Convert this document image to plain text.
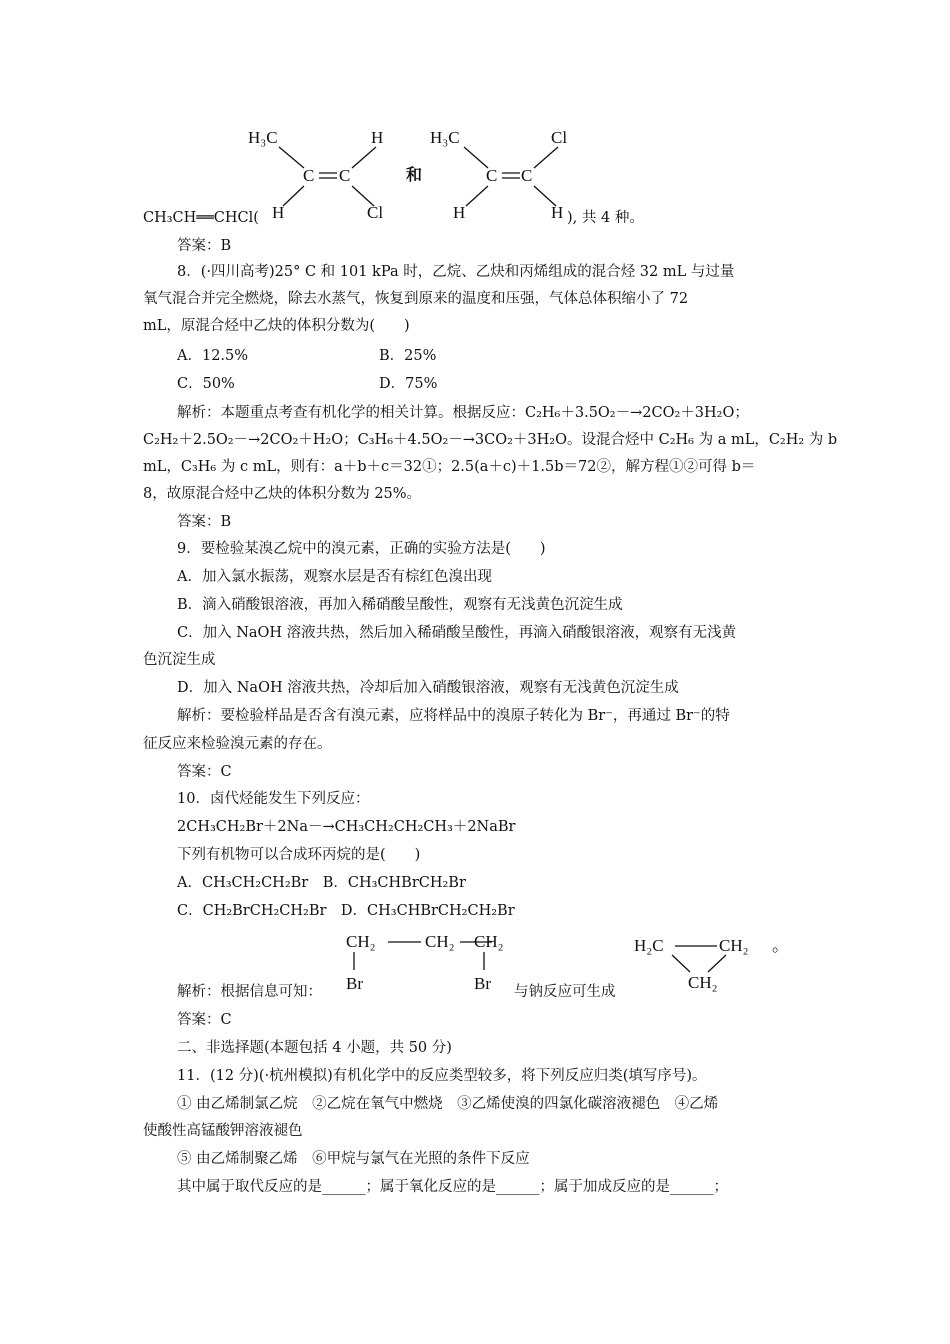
H₃C	H
C C
H	Cl
和
H₃C	Cl
C C
H	H
CH₃CH══CHCl(	), 共 4 种。
答案：B
8．(·四川高考)25° C 和 101 kPa 时，乙烷、乙炔和丙烯组成的混合烃 32 mL 与过量
氧气混合并完全燃烧，除去水蒸气，恢复到原来的温度和压强，气体总体积缩小了 72
mL，原混合烃中乙炔的体积分数为(　　)
A．12.5%	B．25%
C．50%	D．75%
解析：本题重点考查有机化学的相关计算。根据反应：C₂H₆＋3.5O₂－→2CO₂＋3H₂O；
C₂H₂＋2.5O₂－→2CO₂＋H₂O；C₃H₆＋4.5O₂－→3CO₂＋3H₂O。设混合烃中 C₂H₆ 为 a mL，C₂H₂ 为 b
mL，C₃H₆ 为 c mL，则有：a＋b＋c＝32①；2.5(a＋c)＋1.5b＝72②，解方程①②可得 b＝
8，故原混合烃中乙炔的体积分数为 25%。
答案：B
9．要检验某溴乙烷中的溴元素，正确的实验方法是(　　)
A．加入氯水振荡，观察水层是否有棕红色溴出现
B．滴入硝酸银溶液，再加入稀硝酸呈酸性，观察有无浅黄色沉淀生成
C．加入 NaOH 溶液共热，然后加入稀硝酸呈酸性，再滴入硝酸银溶液，观察有无浅黄
色沉淀生成
D．加入 NaOH 溶液共热，冷却后加入硝酸银溶液，观察有无浅黄色沉淀生成
解析：要检验样品是否含有溴元素，应将样品中的溴原子转化为 Br⁻，再通过 Br⁻的特
征反应来检验溴元素的存在。
答案：C
10．卤代烃能发生下列反应：
2CH₃CH₂Br＋2Na－→CH₃CH₂CH₂CH₃＋2NaBr
下列有机物可以合成环丙烷的是(　　)
A．CH₃CH₂CH₂Br　B．CH₃CHBrCH₂Br
C．CH₂BrCH₂CH₂Br　D．CH₃CHBrCH₂CH₂Br
CH₂	CH₂ CH₂
Br	Br
H₂C	CH₂
CH₂
。
解析：根据信息可知：	与钠反应可生成
答案：C
二、非选择题(本题包括 4 小题，共 50 分)
11．(12 分)(·杭州模拟)有机化学中的反应类型较多，将下列反应归类(填写序号)。
① 由乙烯制氯乙烷　②乙烷在氧气中燃烧　③乙烯使溴的四氯化碳溶液褪色　④乙烯
使酸性高锰酸钾溶液褪色
⑤ 由乙烯制聚乙烯　⑥甲烷与氯气在光照的条件下反应
其中属于取代反应的是______；属于氧化反应的是______；属于加成反应的是______；
